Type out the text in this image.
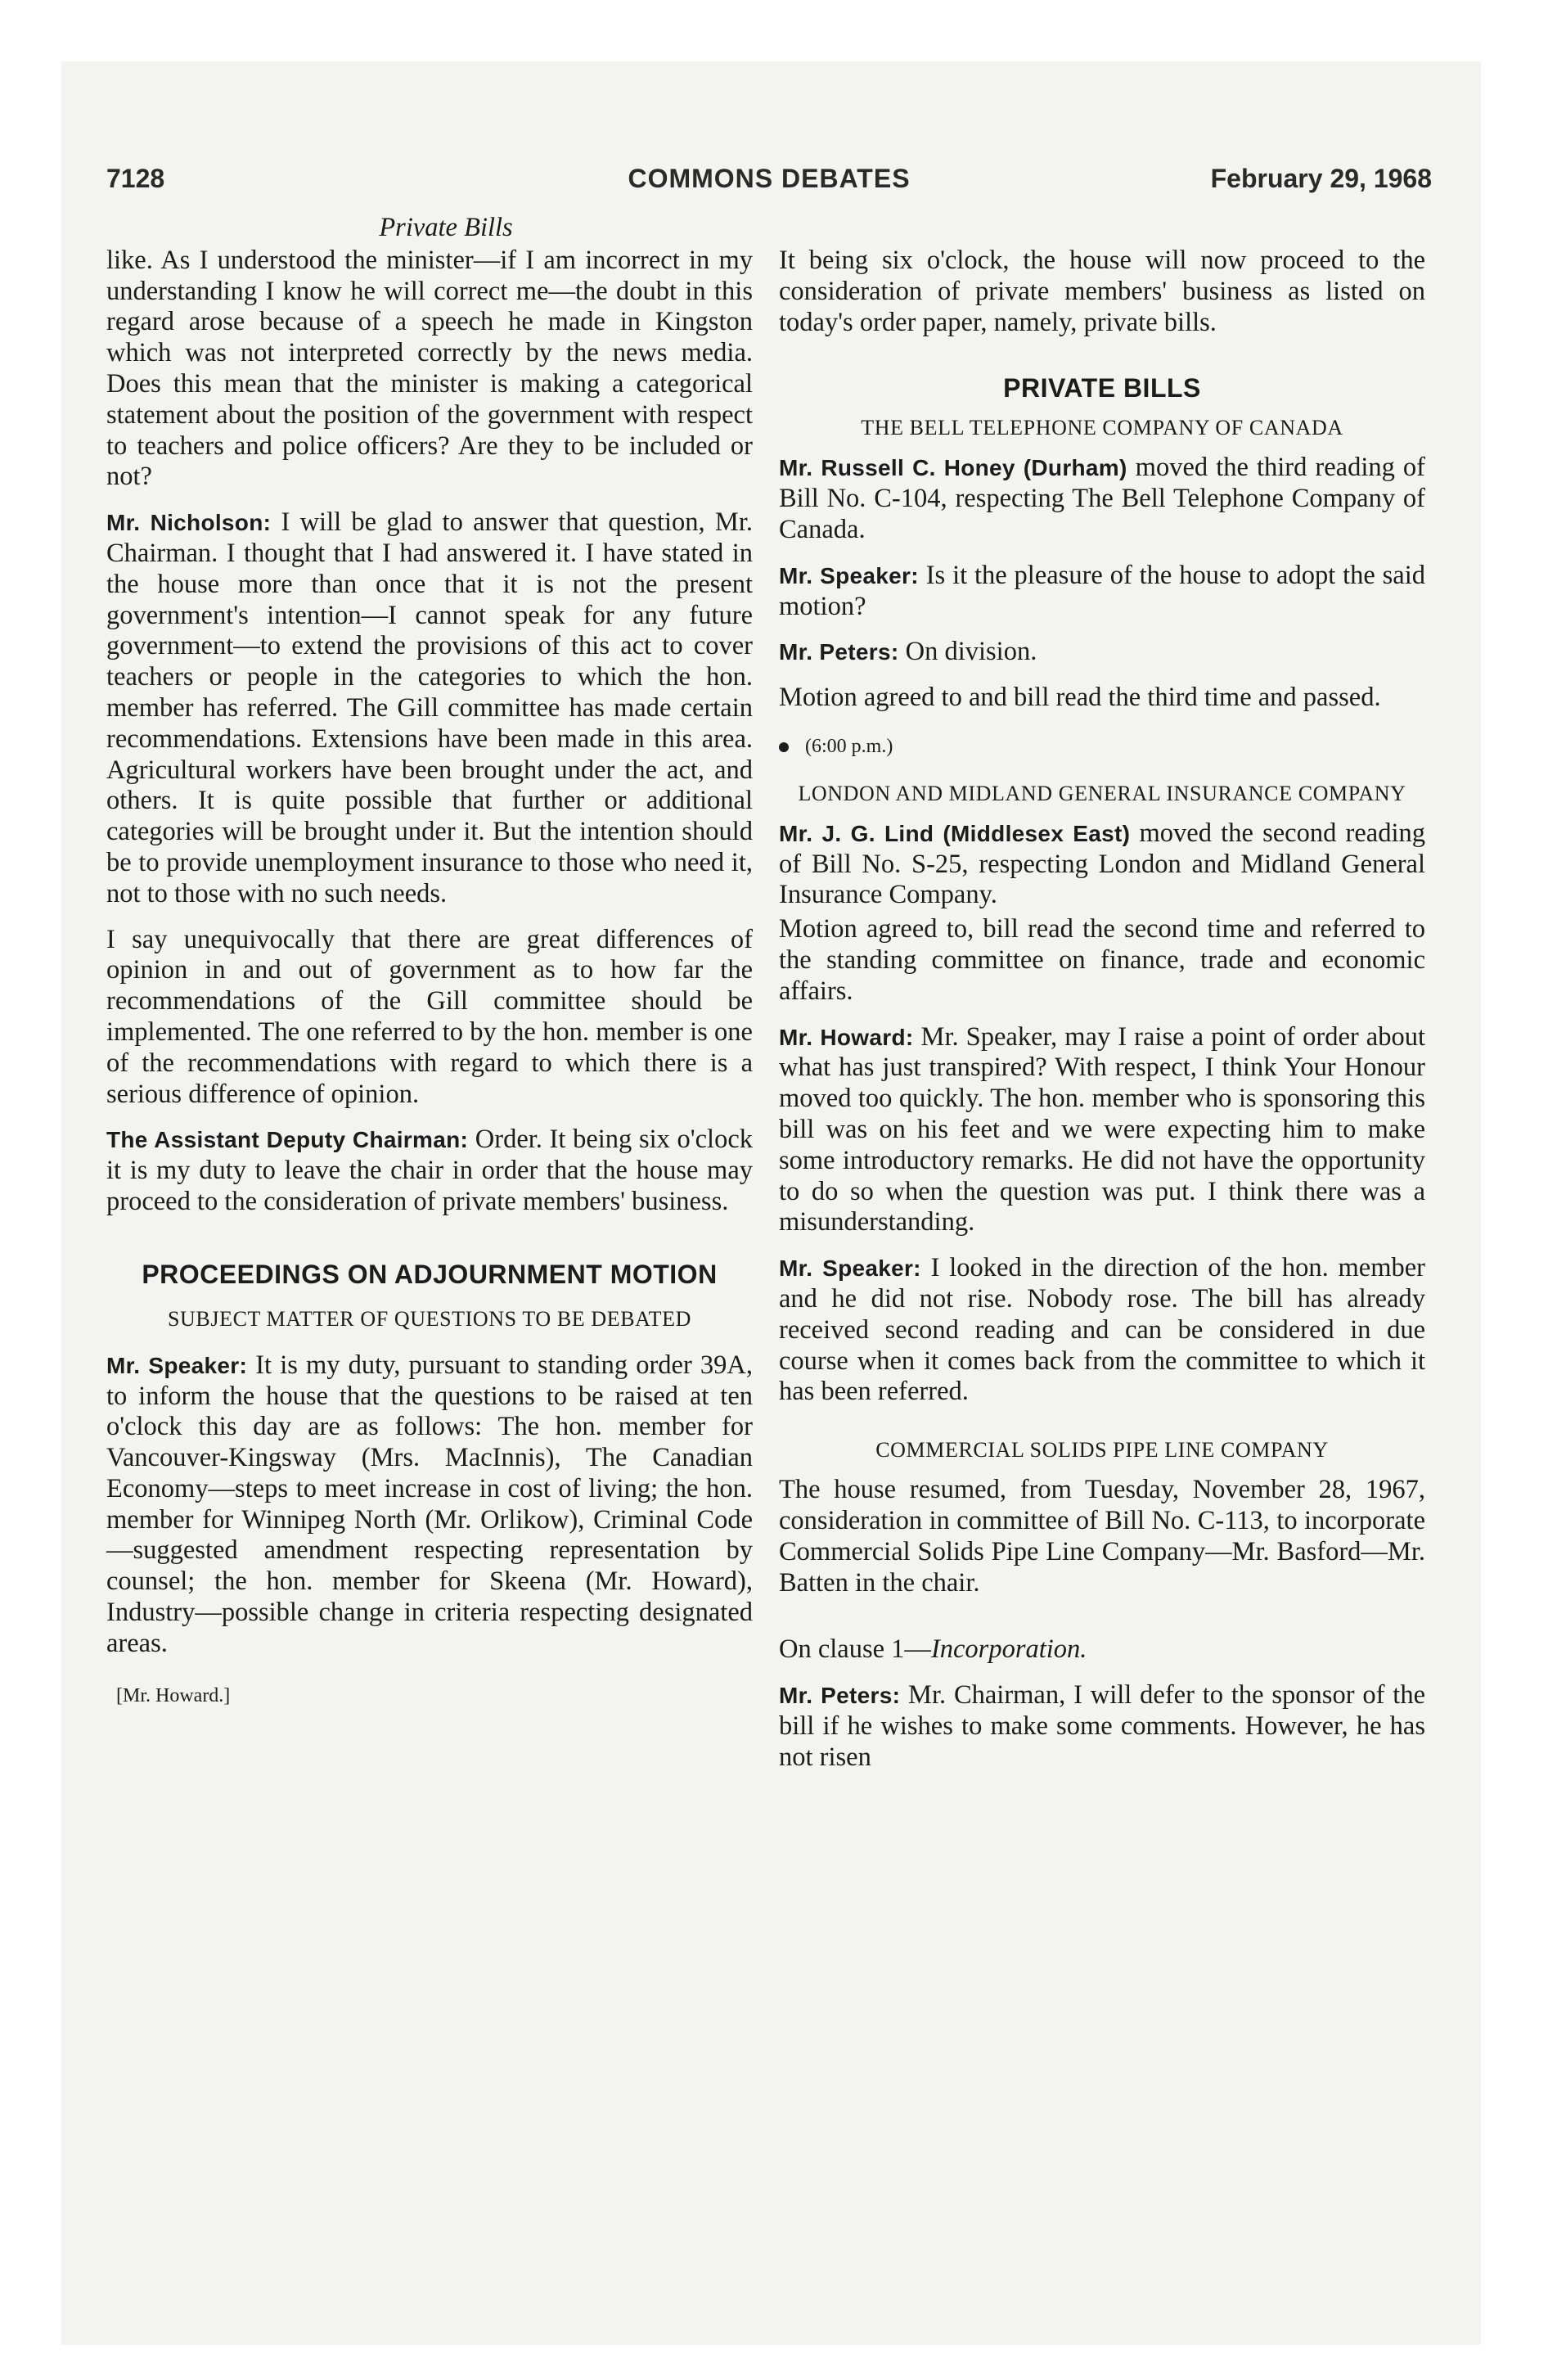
7128	COMMONS DEBATES	February 29, 1968
Private Bills

like. As I understood the minister—if I am incorrect in my understanding I know he will correct me—the doubt in this regard arose because of a speech he made in Kingston which was not interpreted correctly by the news media. Does this mean that the minister is making a categorical statement about the position of the government with respect to teachers and police officers? Are they to be included or not?

Mr. Nicholson: I will be glad to answer that question, Mr. Chairman. I thought that I had answered it. I have stated in the house more than once that it is not the present government's intention—I cannot speak for any future government—to extend the provisions of this act to cover teachers or people in the categories to which the hon. member has referred. The Gill committee has made certain recommendations. Extensions have been made in this area. Agricultural workers have been brought under the act, and others. It is quite possible that further or additional categories will be brought under it. But the intention should be to provide unemployment insurance to those who need it, not to those with no such needs.

I say unequivocally that there are great differences of opinion in and out of government as to how far the recommendations of the Gill committee should be implemented. The one referred to by the hon. member is one of the recommendations with regard to which there is a serious difference of opinion.

The Assistant Deputy Chairman: Order. It being six o'clock it is my duty to leave the chair in order that the house may proceed to the consideration of private members' business.

PROCEEDINGS ON ADJOURNMENT MOTION
SUBJECT MATTER OF QUESTIONS TO BE DEBATED

Mr. Speaker: It is my duty, pursuant to standing order 39A, to inform the house that the questions to be raised at ten o'clock this day are as follows: The hon. member for Vancouver-Kingsway (Mrs. MacInnis), The Canadian Economy—steps to meet increase in cost of living; the hon. member for Winnipeg North (Mr. Orlikow), Criminal Code—suggested amendment respecting representation by counsel; the hon. member for Skeena (Mr. Howard), Industry—possible change in criteria respecting designated areas.

[Mr. Howard.]

It being six o'clock, the house will now proceed to the consideration of private members' business as listed on today's order paper, namely, private bills.

PRIVATE BILLS
THE BELL TELEPHONE COMPANY OF CANADA

Mr. Russell C. Honey (Durham) moved the third reading of Bill No. C-104, respecting The Bell Telephone Company of Canada.

Mr. Speaker: Is it the pleasure of the house to adopt the said motion?

Mr. Peters: On division.

Motion agreed to and bill read the third time and passed.

(6:00 p.m.)
LONDON AND MIDLAND GENERAL INSURANCE COMPANY

Mr. J. G. Lind (Middlesex East) moved the second reading of Bill No. S-25, respecting London and Midland General Insurance Company.

Motion agreed to, bill read the second time and referred to the standing committee on finance, trade and economic affairs.

Mr. Howard: Mr. Speaker, may I raise a point of order about what has just transpired? With respect, I think Your Honour moved too quickly. The hon. member who is sponsoring this bill was on his feet and we were expecting him to make some introductory remarks. He did not have the opportunity to do so when the question was put. I think there was a misunderstanding.

Mr. Speaker: I looked in the direction of the hon. member and he did not rise. Nobody rose. The bill has already received second reading and can be considered in due course when it comes back from the committee to which it has been referred.

COMMERCIAL SOLIDS PIPE LINE COMPANY

The house resumed, from Tuesday, November 28, 1967, consideration in committee of Bill No. C-113, to incorporate Commercial Solids Pipe Line Company—Mr. Basford—Mr. Batten in the chair.

On clause 1—Incorporation.

Mr. Peters: Mr. Chairman, I will defer to the sponsor of the bill if he wishes to make some comments. However, he has not risen
